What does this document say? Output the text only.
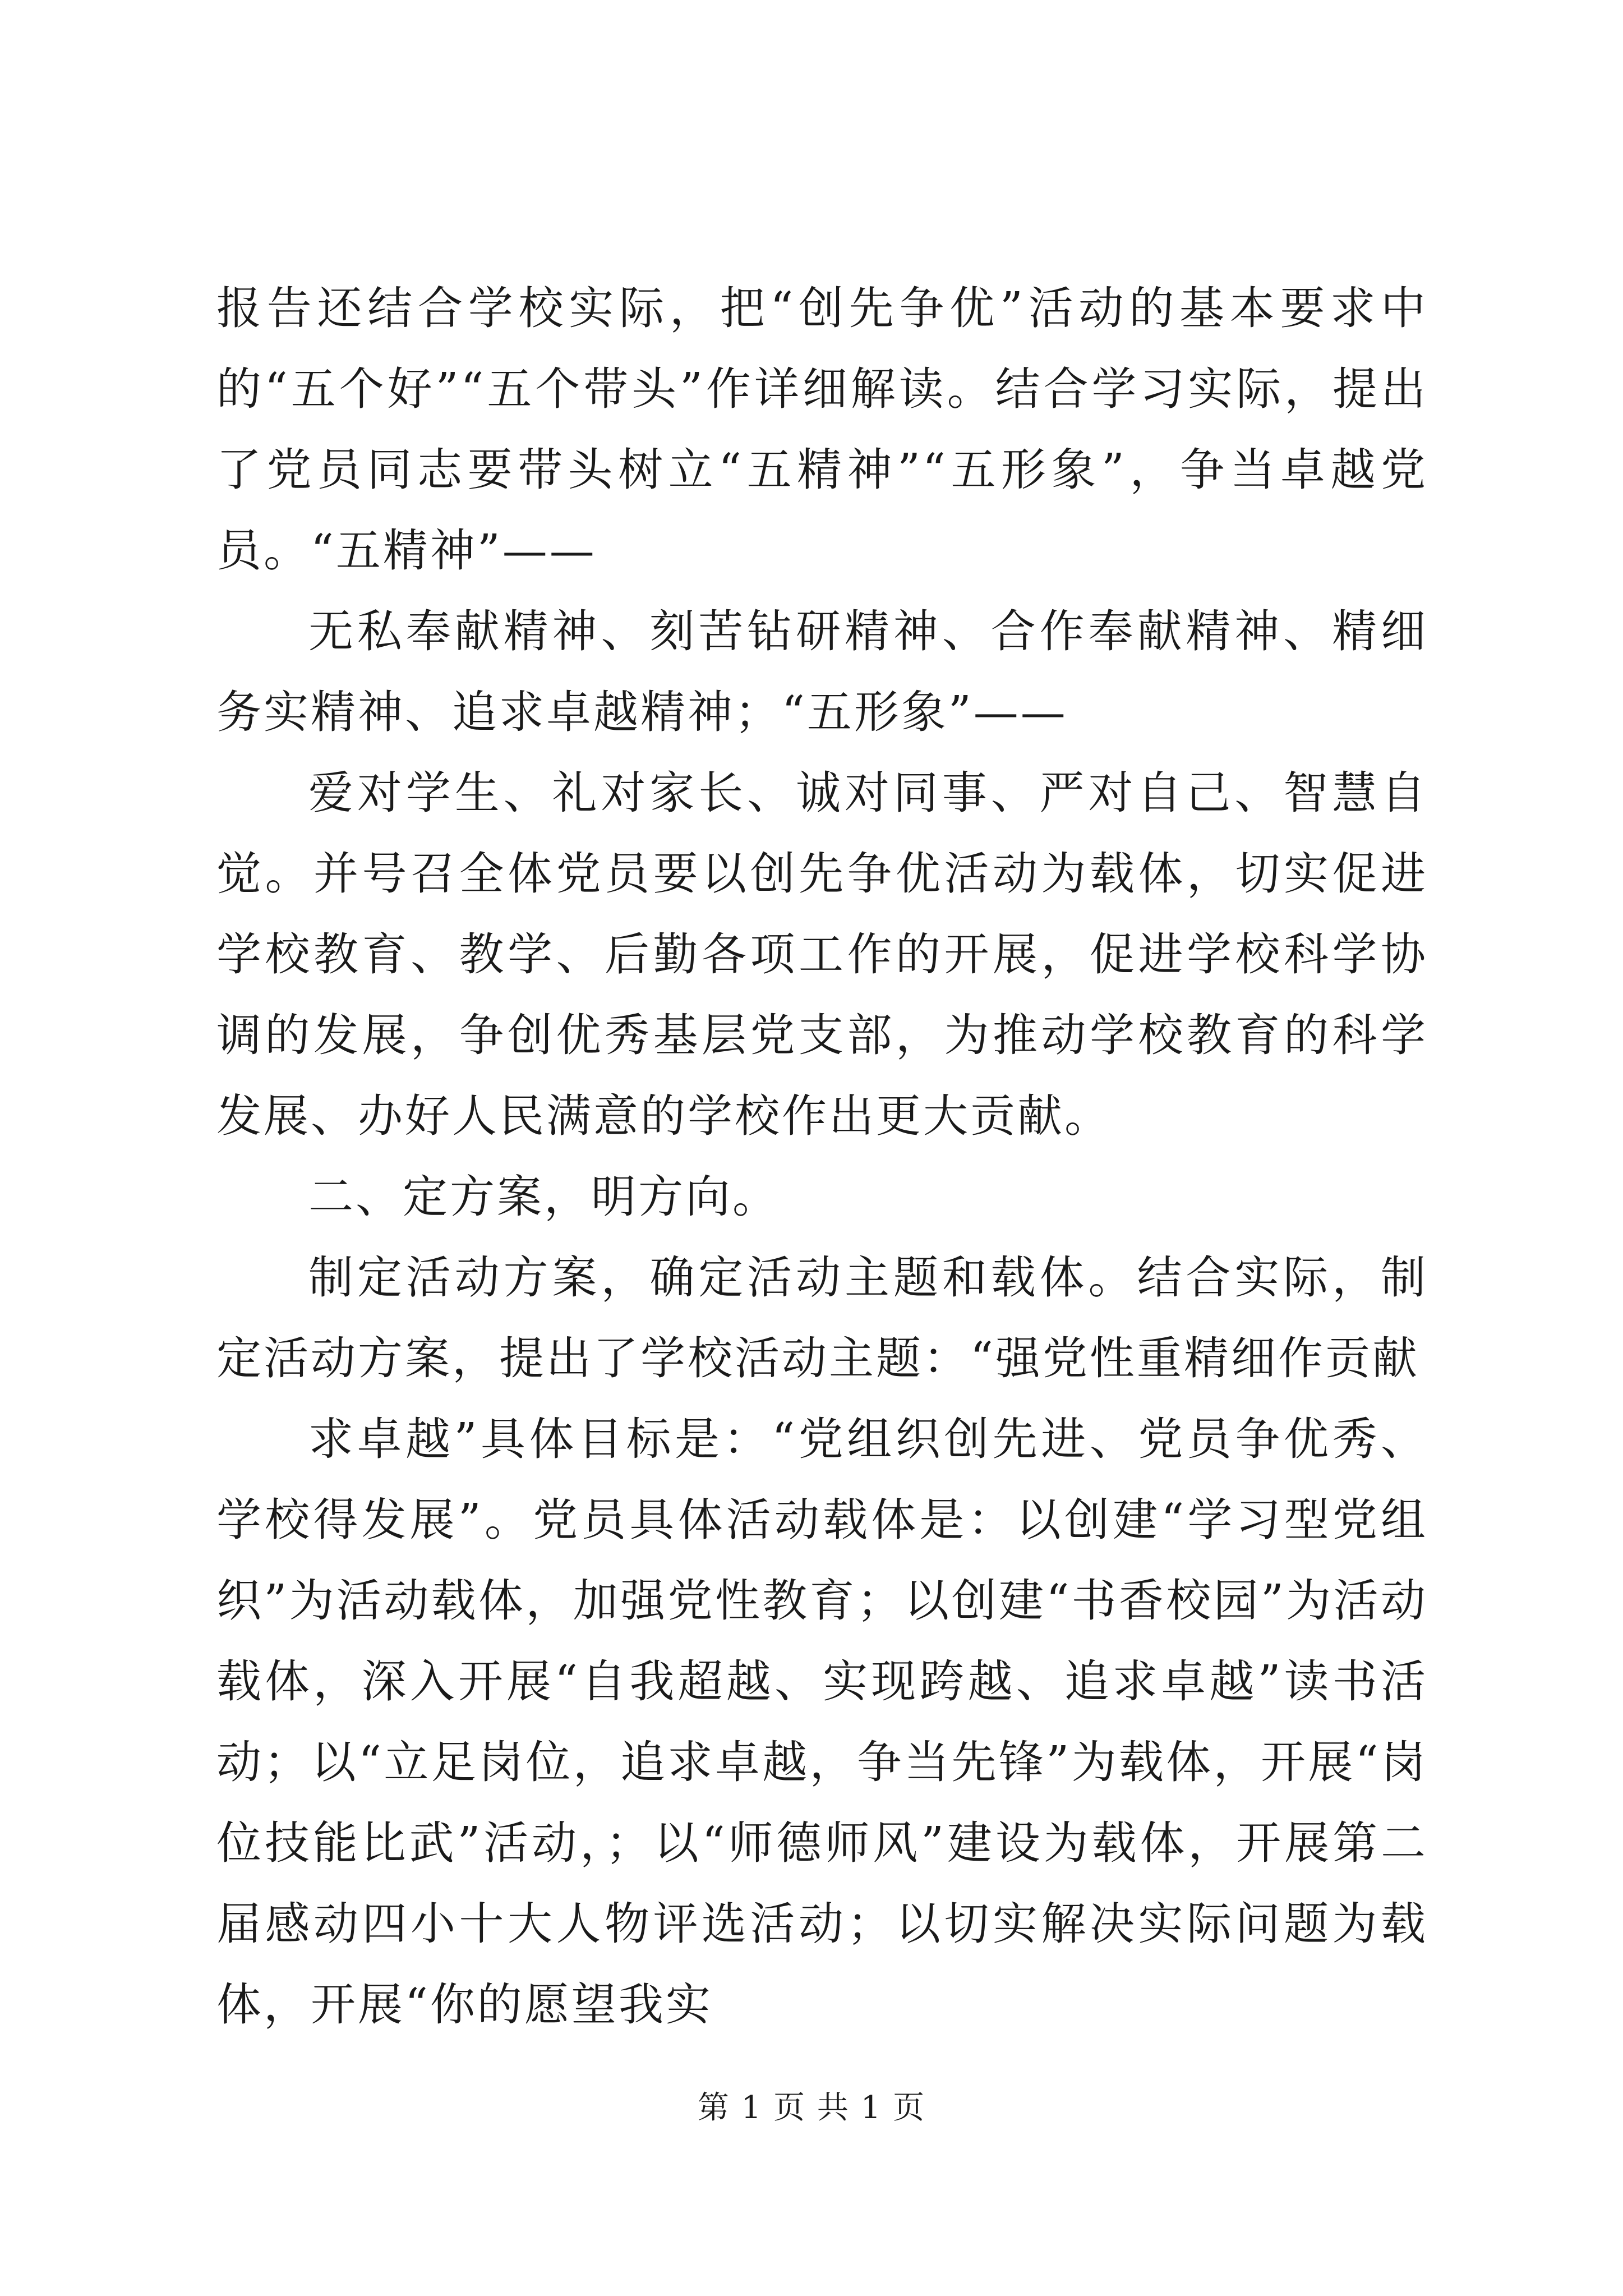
报告还结合学校实际，把“创先争优”活动的基本要求中的“五个好”“五个带头”作详细解读。结合学习实际，提出了党员同志要带头树立“五精神”“五形象”，争当卓越党员。“五精神”——

无私奉献精神、刻苦钻研精神、合作奉献精神、精细务实精神、追求卓越精神；“五形象”——

爱对学生、礼对家长、诚对同事、严对自己、智慧自觉。并号召全体党员要以创先争优活动为载体，切实促进学校教育、教学、后勤各项工作的开展，促进学校科学协调的发展，争创优秀基层党支部，为推动学校教育的科学发展、办好人民满意的学校作出更大贡献。

二、定方案，明方向。

制定活动方案，确定活动主题和载体。结合实际，制定活动方案，提出了学校活动主题：“强党性重精细作贡献

求卓越”具体目标是：“党组织创先进、党员争优秀、学校得发展”。党员具体活动载体是：以创建“学习型党组织”为活动载体，加强党性教育；以创建“书香校园”为活动载体，深入开展“自我超越、实现跨越、追求卓越”读书活动；以“立足岗位，追求卓越，争当先锋”为载体，开展“岗位技能比武”活动，；以“师德师风”建设为载体，开展第二届感动四小十大人物评选活动；以切实解决实际问题为载体，开展“你的愿望我实

第 1 页 共 1 页
